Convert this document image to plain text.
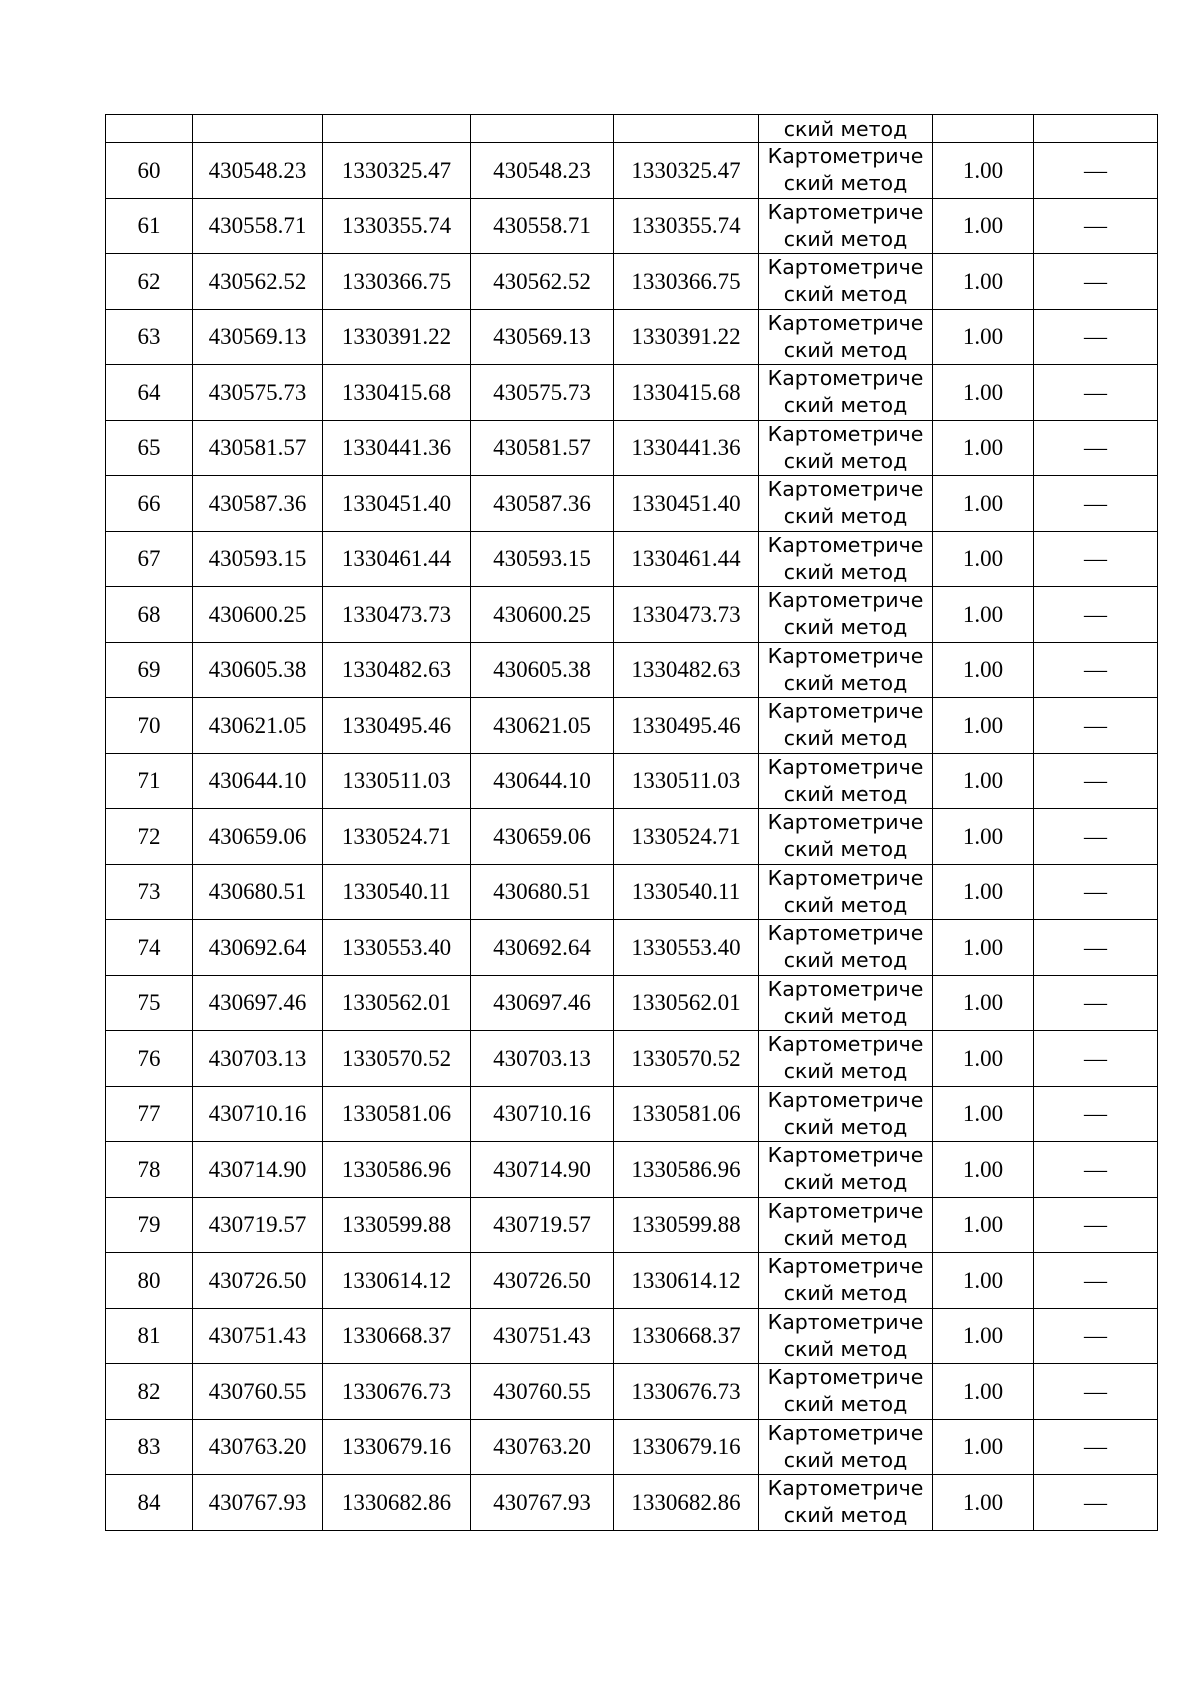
					ский метод		
60	430548.23	1330325.47	430548.23	1330325.47	Картометриче
ский метод	1.00	—
61	430558.71	1330355.74	430558.71	1330355.74	Картометриче
ский метод	1.00	—
62	430562.52	1330366.75	430562.52	1330366.75	Картометриче
ский метод	1.00	—
63	430569.13	1330391.22	430569.13	1330391.22	Картометриче
ский метод	1.00	—
64	430575.73	1330415.68	430575.73	1330415.68	Картометриче
ский метод	1.00	—
65	430581.57	1330441.36	430581.57	1330441.36	Картометриче
ский метод	1.00	—
66	430587.36	1330451.40	430587.36	1330451.40	Картометриче
ский метод	1.00	—
67	430593.15	1330461.44	430593.15	1330461.44	Картометриче
ский метод	1.00	—
68	430600.25	1330473.73	430600.25	1330473.73	Картометриче
ский метод	1.00	—
69	430605.38	1330482.63	430605.38	1330482.63	Картометриче
ский метод	1.00	—
70	430621.05	1330495.46	430621.05	1330495.46	Картометриче
ский метод	1.00	—
71	430644.10	1330511.03	430644.10	1330511.03	Картометриче
ский метод	1.00	—
72	430659.06	1330524.71	430659.06	1330524.71	Картометриче
ский метод	1.00	—
73	430680.51	1330540.11	430680.51	1330540.11	Картометриче
ский метод	1.00	—
74	430692.64	1330553.40	430692.64	1330553.40	Картометриче
ский метод	1.00	—
75	430697.46	1330562.01	430697.46	1330562.01	Картометриче
ский метод	1.00	—
76	430703.13	1330570.52	430703.13	1330570.52	Картометриче
ский метод	1.00	—
77	430710.16	1330581.06	430710.16	1330581.06	Картометриче
ский метод	1.00	—
78	430714.90	1330586.96	430714.90	1330586.96	Картометриче
ский метод	1.00	—
79	430719.57	1330599.88	430719.57	1330599.88	Картометриче
ский метод	1.00	—
80	430726.50	1330614.12	430726.50	1330614.12	Картометриче
ский метод	1.00	—
81	430751.43	1330668.37	430751.43	1330668.37	Картометриче
ский метод	1.00	—
82	430760.55	1330676.73	430760.55	1330676.73	Картометриче
ский метод	1.00	—
83	430763.20	1330679.16	430763.20	1330679.16	Картометриче
ский метод	1.00	—
84	430767.93	1330682.86	430767.93	1330682.86	Картометриче
ский метод	1.00	—
